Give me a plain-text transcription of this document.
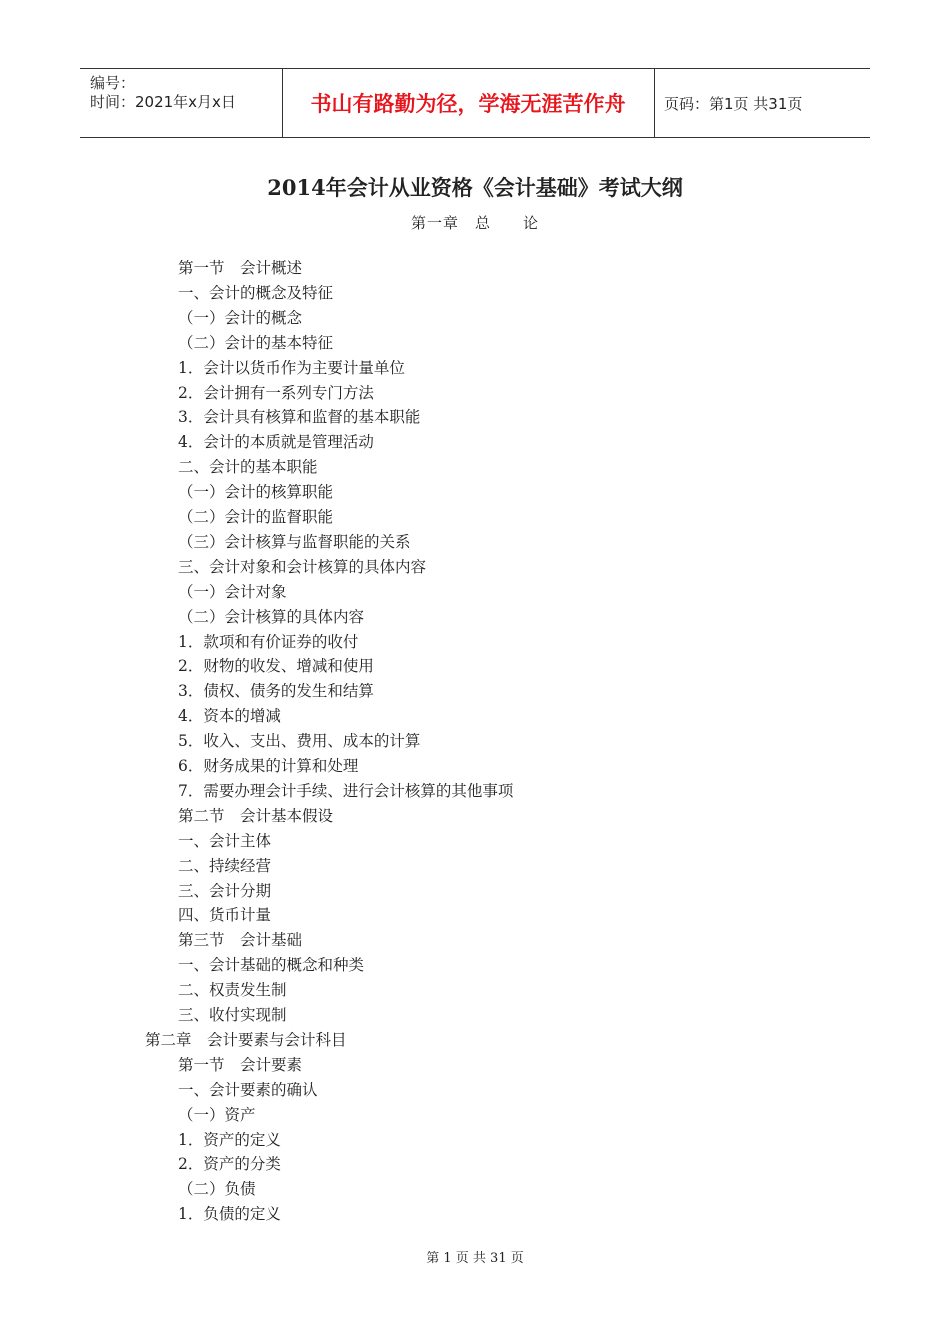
编号：
时间：2021年x月x日	书山有路勤为径，学海无涯苦作舟	页码：第1页 共31页
2014年会计从业资格《会计基础》考试大纲
第一章　总　　论
第一节　会计概述
一、会计的概念及特征
（一）会计的概念
（二）会计的基本特征
1．会计以货币作为主要计量单位
2．会计拥有一系列专门方法
3．会计具有核算和监督的基本职能
4．会计的本质就是管理活动
二、会计的基本职能
（一）会计的核算职能
（二）会计的监督职能
（三）会计核算与监督职能的关系
三、会计对象和会计核算的具体内容
（一）会计对象
（二）会计核算的具体内容
1．款项和有价证券的收付
2．财物的收发、增减和使用
3．债权、债务的发生和结算
4．资本的增减
5．收入、支出、费用、成本的计算
6．财务成果的计算和处理
7．需要办理会计手续、进行会计核算的其他事项
第二节　会计基本假设
一、会计主体
二、持续经营
三、会计分期
四、货币计量
第三节　会计基础
一、会计基础的概念和种类
二、权责发生制
三、收付实现制
第二章　会计要素与会计科目
第一节　会计要素
一、会计要素的确认
（一）资产
1．资产的定义
2．资产的分类
（二）负债
1．负债的定义
第 1 页 共 31 页
